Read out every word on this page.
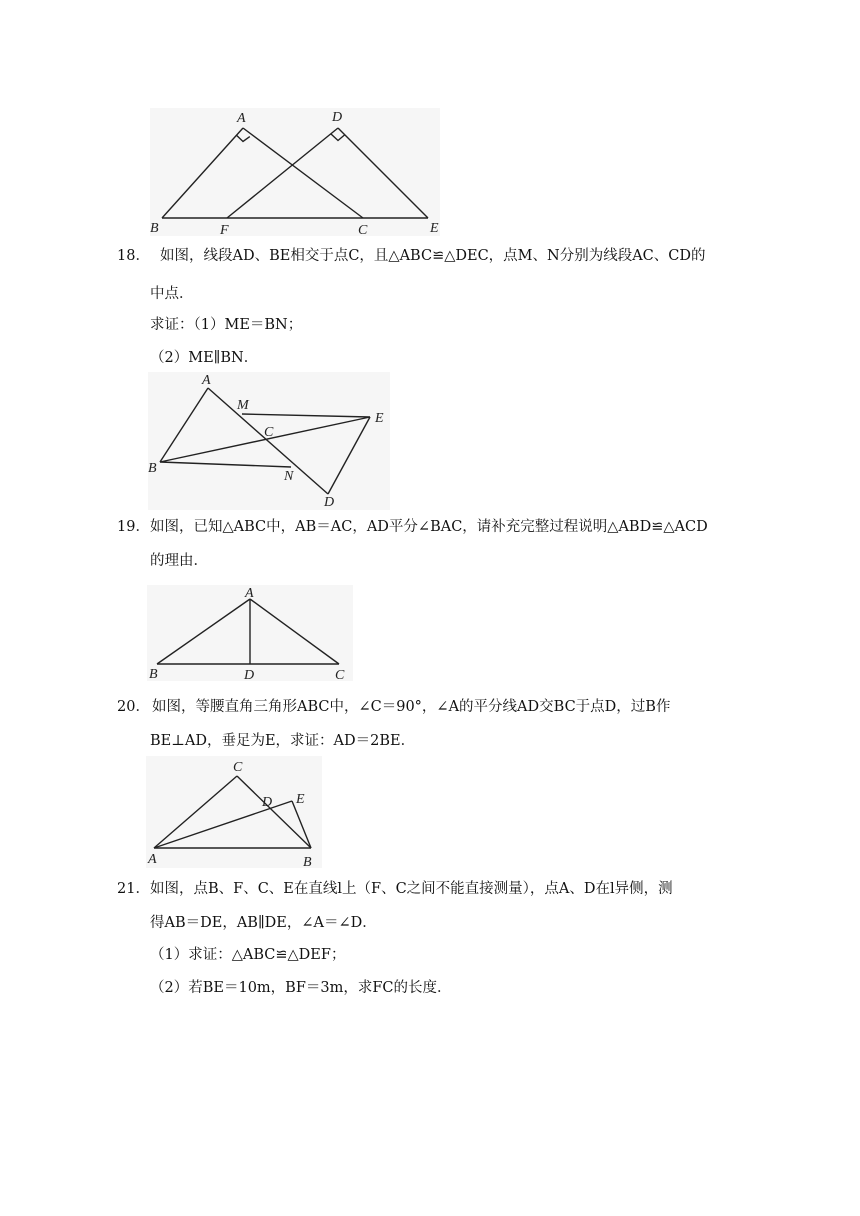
A	D
B	F	C	E
18． 如图，线段AD、BE相交于点C，且△ABC≌△DEC，点M、N分别为线段AC、CD的
中点．
求证：（1）ME＝BN；
（2）ME∥BN．
A
M
E
C
B
N
D
19． 如图，已知△ABC中，AB＝AC，AD平分∠BAC，请补充完整过程说明△ABD≌△ACD
的理由．
A
B	D	C
20． 如图，等腰直角三角形ABC中，∠C＝90°，∠A的平分线AD交BC于点D，过B作
BE⊥AD，垂足为E，求证：AD＝2BE．
C
D E
A	B
21． 如图，点B、F、C、E在直线l上（F、C之间不能直接测量），点A、D在l异侧，测
得AB＝DE，AB∥DE，∠A＝∠D．
（1）求证：△ABC≌△DEF；
（2）若BE＝10m，BF＝3m，求FC的长度．
